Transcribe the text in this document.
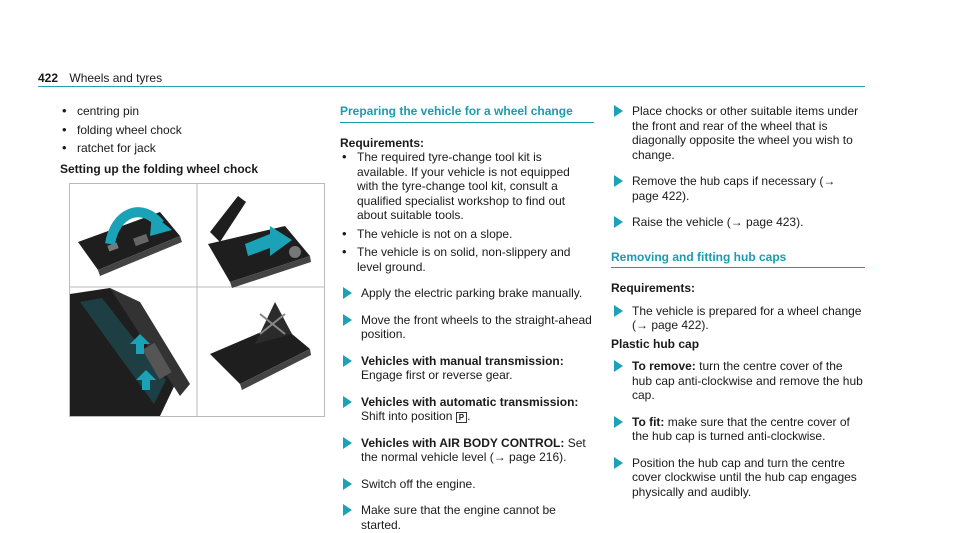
422 Wheels and tyres
• centring pin
• folding wheel chock
• ratchet for jack
Setting up the folding wheel chock
Preparing the vehicle for a wheel change
Requirements:
• The required tyre-change tool kit is available. If your vehicle is not equipped with the tyre-change tool kit, consult a qualified specialist workshop to find out about suitable tools.
• The vehicle is not on a slope.
• The vehicle is on solid, non-slippery and level ground.
Apply the electric parking brake manually.
Move the front wheels to the straight-ahead position.
Vehicles with manual transmission:
Engage first or reverse gear.
Vehicles with automatic transmission:
Shift into position P .
Vehicles with AIR BODY CONTROL: Set the normal vehicle level (→ page 216).
Switch off the engine.
Make sure that the engine cannot be started.
Place chocks or other suitable items under the front and rear of the wheel that is diagonally opposite the wheel you wish to change.
Remove the hub caps if necessary (→ page 422).
Raise the vehicle (→ page 423).
Removing and fitting hub caps
Requirements:
The vehicle is prepared for a wheel change (→ page 422).
Plastic hub cap
To remove: turn the centre cover of the hub cap anti-clockwise and remove the hub cap.
To fit: make sure that the centre cover of the hub cap is turned anti-clockwise.
Position the hub cap and turn the centre cover clockwise until the hub cap engages physically and audibly.
